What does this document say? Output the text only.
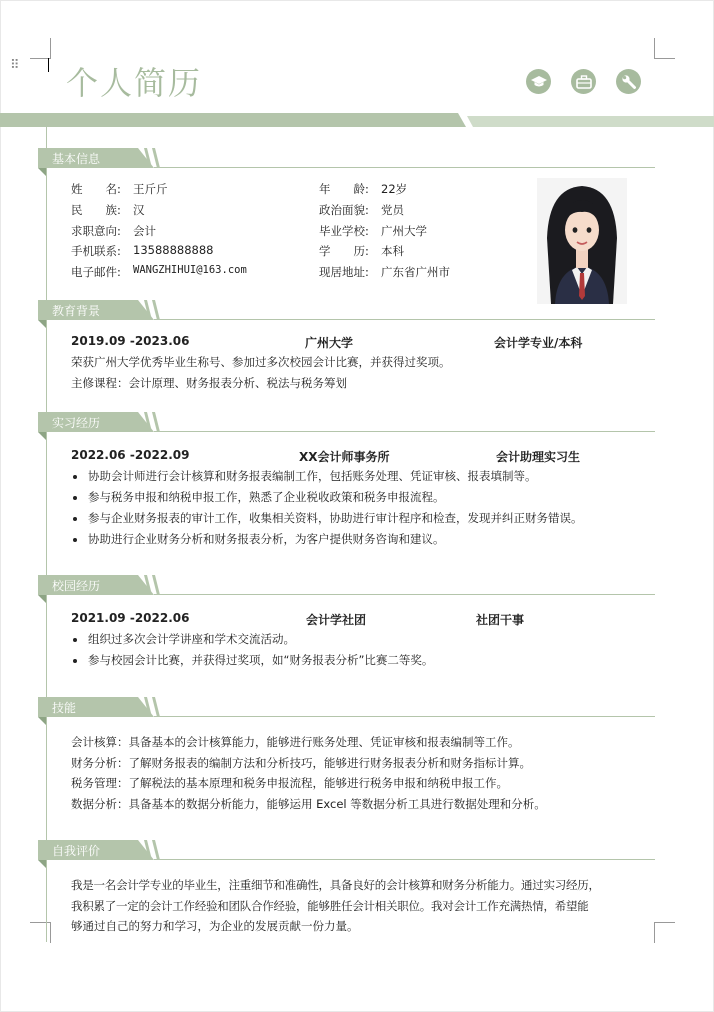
⠿ 个人简历
基本信息
姓　　名: 王斤斤
民　　族: 汉
求职意向: 会计
手机联系: 13588888888
电子邮件: WANGZHIHUI@163.com
年　　龄: 22岁
政治面貌: 党员
毕业学校: 广州大学
学　　历: 本科
现居地址: 广东省广州市
教育背景
2019.09 -2023.06	广州大学	会计学专业/本科
荣获广州大学优秀毕业生称号、参加过多次校园会计比赛，并获得过奖项。
主修课程：会计原理、财务报表分析、税法与税务筹划
实习经历
2022.06 -2022.09	XX会计师事务所	会计助理实习生
协助会计师进行会计核算和财务报表编制工作，包括账务处理、凭证审核、报表填制等。
参与税务申报和纳税申报工作，熟悉了企业税收政策和税务申报流程。
参与企业财务报表的审计工作，收集相关资料，协助进行审计程序和检查，发现并纠正财务错误。
协助进行企业财务分析和财务报表分析，为客户提供财务咨询和建议。
校园经历
2021.09 -2022.06	会计学社团	社团干事
组织过多次会计学讲座和学术交流活动。
参与校园会计比赛，并获得过奖项，如“财务报表分析”比赛二等奖。
技能
会计核算：具备基本的会计核算能力，能够进行账务处理、凭证审核和报表编制等工作。
财务分析：了解财务报表的编制方法和分析技巧，能够进行财务报表分析和财务指标计算。
税务管理：了解税法的基本原理和税务申报流程，能够进行税务申报和纳税申报工作。
数据分析：具备基本的数据分析能力，能够运用 Excel 等数据分析工具进行数据处理和分析。
自我评价
我是一名会计学专业的毕业生，注重细节和准确性，具备良好的会计核算和财务分析能力。通过实习经历，
我积累了一定的会计工作经验和团队合作经验，能够胜任会计相关职位。我对会计工作充满热情，希望能
够通过自己的努力和学习，为企业的发展贡献一份力量。
